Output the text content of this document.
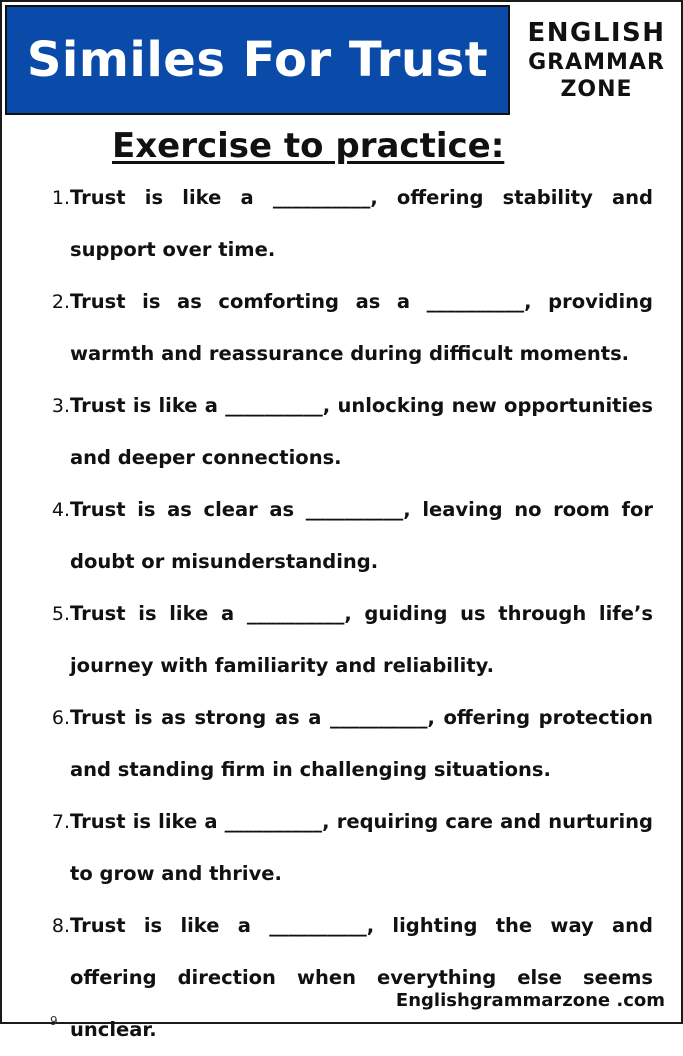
Similes For Trust ENGLISH
GRAMMAR
ZONE
Exercise to practice:
1. Trust is like a __________, offering stability and support over time.
2. Trust is as comforting as a __________, providing warmth and reassurance during difficult moments.
3. Trust is like a __________, unlocking new opportunities and deeper connections.
4. Trust is as clear as __________, leaving no room for doubt or misunderstanding.
5. Trust is like a __________, guiding us through life’s journey with familiarity and reliability.
6. Trust is as strong as a __________, offering protection and standing firm in challenging situations.
7. Trust is like a __________, requiring care and nurturing to grow and thrive.
8. Trust is like a __________, lighting the way and offering direction when everything else seems unclear.
Englishgrammarzone .com
9
